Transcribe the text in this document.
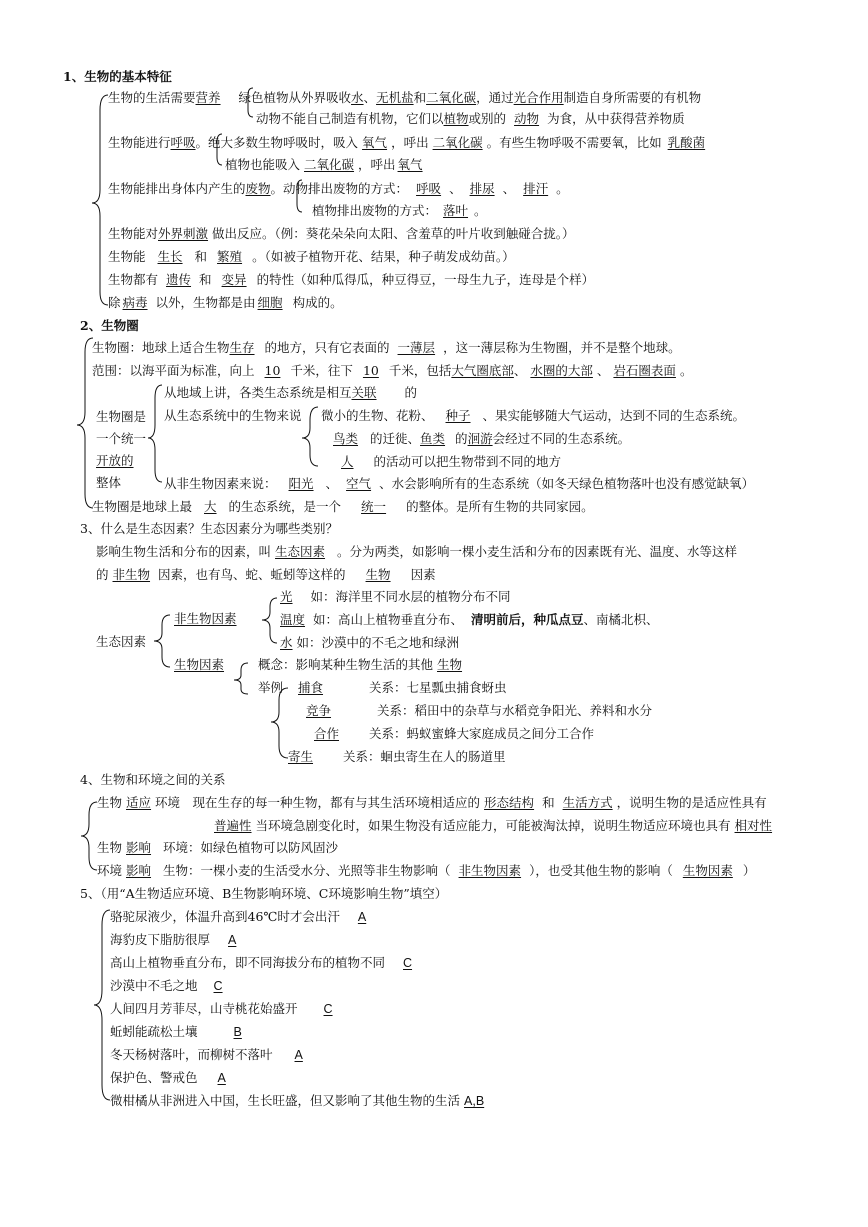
1、生物的基本特征
生物的生活需要营养 绿色植物从外界吸收水、无机盐和二氧化碳，通过光合作用制造自身所需要的有机物
动物不能自己制造有机物，它们以植物或别的 动物 为食，从中获得营养物质
生物能进行呼吸。绝大多数生物呼吸时，吸入 氧气 ，呼出 二氧化碳 。有些生物呼吸不需要氧，比如 乳酸菌
植物也能吸入 二氧化碳 ，呼出 氧气
生物能排出身体内产生的废物。动物排出废物的方式： 呼吸 、 排尿 、 排汗 。
植物排出废物的方式： 落叶 。
生物能对外界刺激 做出反应。（例：葵花朵朵向太阳、含羞草的叶片收到触碰合拢。）
生物能 生长 和 繁殖 。（如被子植物开花、结果，种子萌发成幼苗。）
生物都有 遗传 和 变异 的特性（如种瓜得瓜，种豆得豆，一母生九子，连母是个样）
除 病毒 以外，生物都是由 细胞 构成的。
2、生物圈
生物圈：地球上适合生物生存 的地方，只有它表面的 一薄层 ，这一薄层称为生物圈，并不是整个地球。
范围：以海平面为标准，向上 10 千米，往下 10 千米，包括大气圈底部、 水圈的大部 、 岩石圈表面 。
生物圈是
一个统一
开放的
整体
从地域上讲，各类生态系统是相互关联 的
从生态系统中的生物来说 微小的生物、花粉、 种子 、果实能够随大气运动，达到不同的生态系统。
鸟类 的迁徙、鱼类 的洄游会经过不同的生态系统。
人 的活动可以把生物带到不同的地方
从非生物因素来说： 阳光 、 空气 、水会影响所有的生态系统（如冬天绿色植物落叶也没有感觉缺氧）
生物圈是地球上最 大 的生态系统，是一个 统一 的整体。是所有生物的共同家园。
3、什么是生态因素？生态因素分为哪些类别？
影响生物生活和分布的因素，叫 生态因素 。分为两类，如影响一棵小麦生活和分布的因素既有光、温度、水等这样
的 非生物 因素，也有鸟、蛇、蚯蚓等这样的 生物 因素
生态因素
非生物因素
生物因素
光 如：海洋里不同水层的植物分布不同
温度 如：高山上植物垂直分布、 清明前后，种瓜点豆、南橘北枳、
水 如：沙漠中的不毛之地和绿洲
概念：影响某种生物生活的其他 生物
举例	捕食	关系：七星瓢虫捕食蚜虫
竞争	关系：稻田中的杂草与水稻竞争阳光、养料和水分
合作 关系：蚂蚁蜜蜂大家庭成员之间分工合作
寄生 关系：蛔虫寄生在人的肠道里
4、生物和环境之间的关系
生物 适应 环境　现在生存的每一种生物，都有与其生活环境相适应的 形态结构 和 生活方式 ，说明生物的是适应性具有
普遍性 当环境急剧变化时，如果生物没有适应能力，可能被淘汰掉，说明生物适应环境也具有 相对性
生物 影响 环境：如绿色植物可以防风固沙
环境 影响 生物：一棵小麦的生活受水分、光照等非生物影响（ 非生物因素 ），也受其他生物的影响（ 生物因素 ）
5、（用“A生物适应环境、B生物影响环境、C环境影响生物”填空）
骆驼尿液少，体温升高到46℃时才会出汗 A
海豹皮下脂肪很厚 A
高山上植物垂直分布，即不同海拔分布的植物不同 C
沙漠中不毛之地 C
人间四月芳菲尽，山寺桃花始盛开 C
蚯蚓能疏松土壤	B
冬天杨树落叶，而柳树不落叶 A
保护色、警戒色 A
微柑橘从非洲进入中国，生长旺盛，但又影响了其他生物的生活 A,B
